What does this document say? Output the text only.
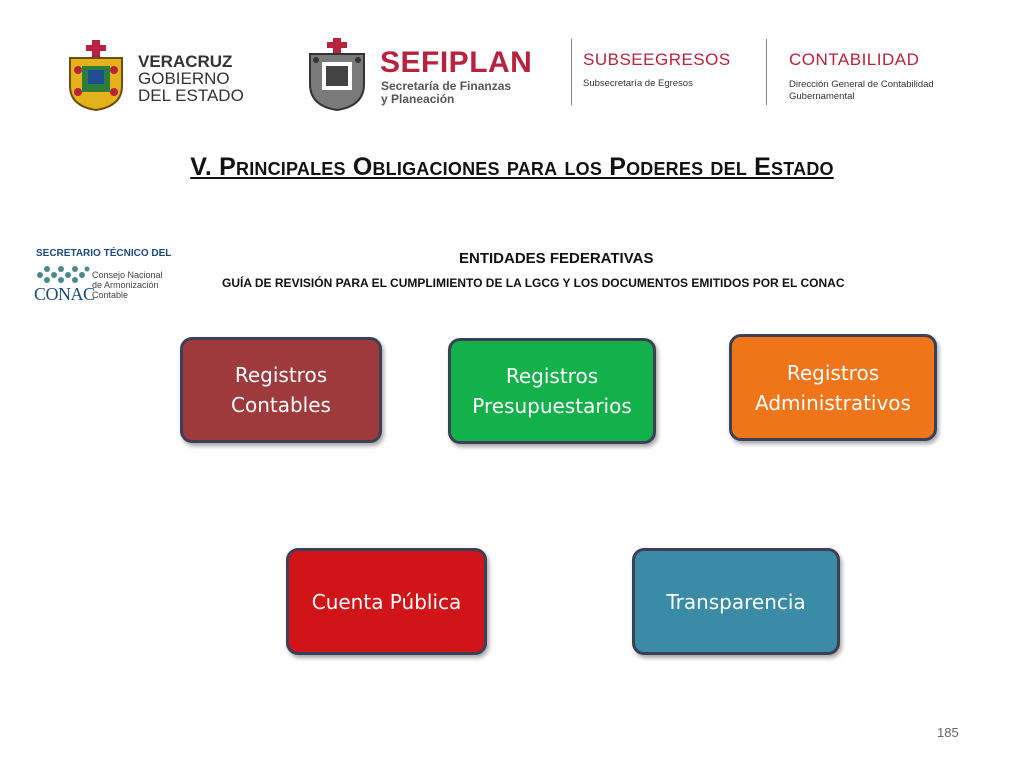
VERACRUZ
GOBIERNO
DEL ESTADO
SEFIPLAN
Secretaría de Finanzas
y Planeación
SUBSEEGRESOS
Subsecretaría de Egresos
CONTABILIDAD
Dirección General de Contabilidad
Gubernamental
V. Principales Obligaciones para los Poderes del Estado
SECRETARIO TÉCNICO DEL
CONAC
Consejo Nacional
de Armonización
Contable
ENTIDADES FEDERATIVAS
GUÍA DE REVISIÓN PARA EL CUMPLIMIENTO DE LA LGCG Y LOS DOCUMENTOS EMITIDOS POR EL CONAC
Registros
Contables
Registros
Presupuestarios
Registros
Administrativos
Cuenta Pública	Transparencia
185
